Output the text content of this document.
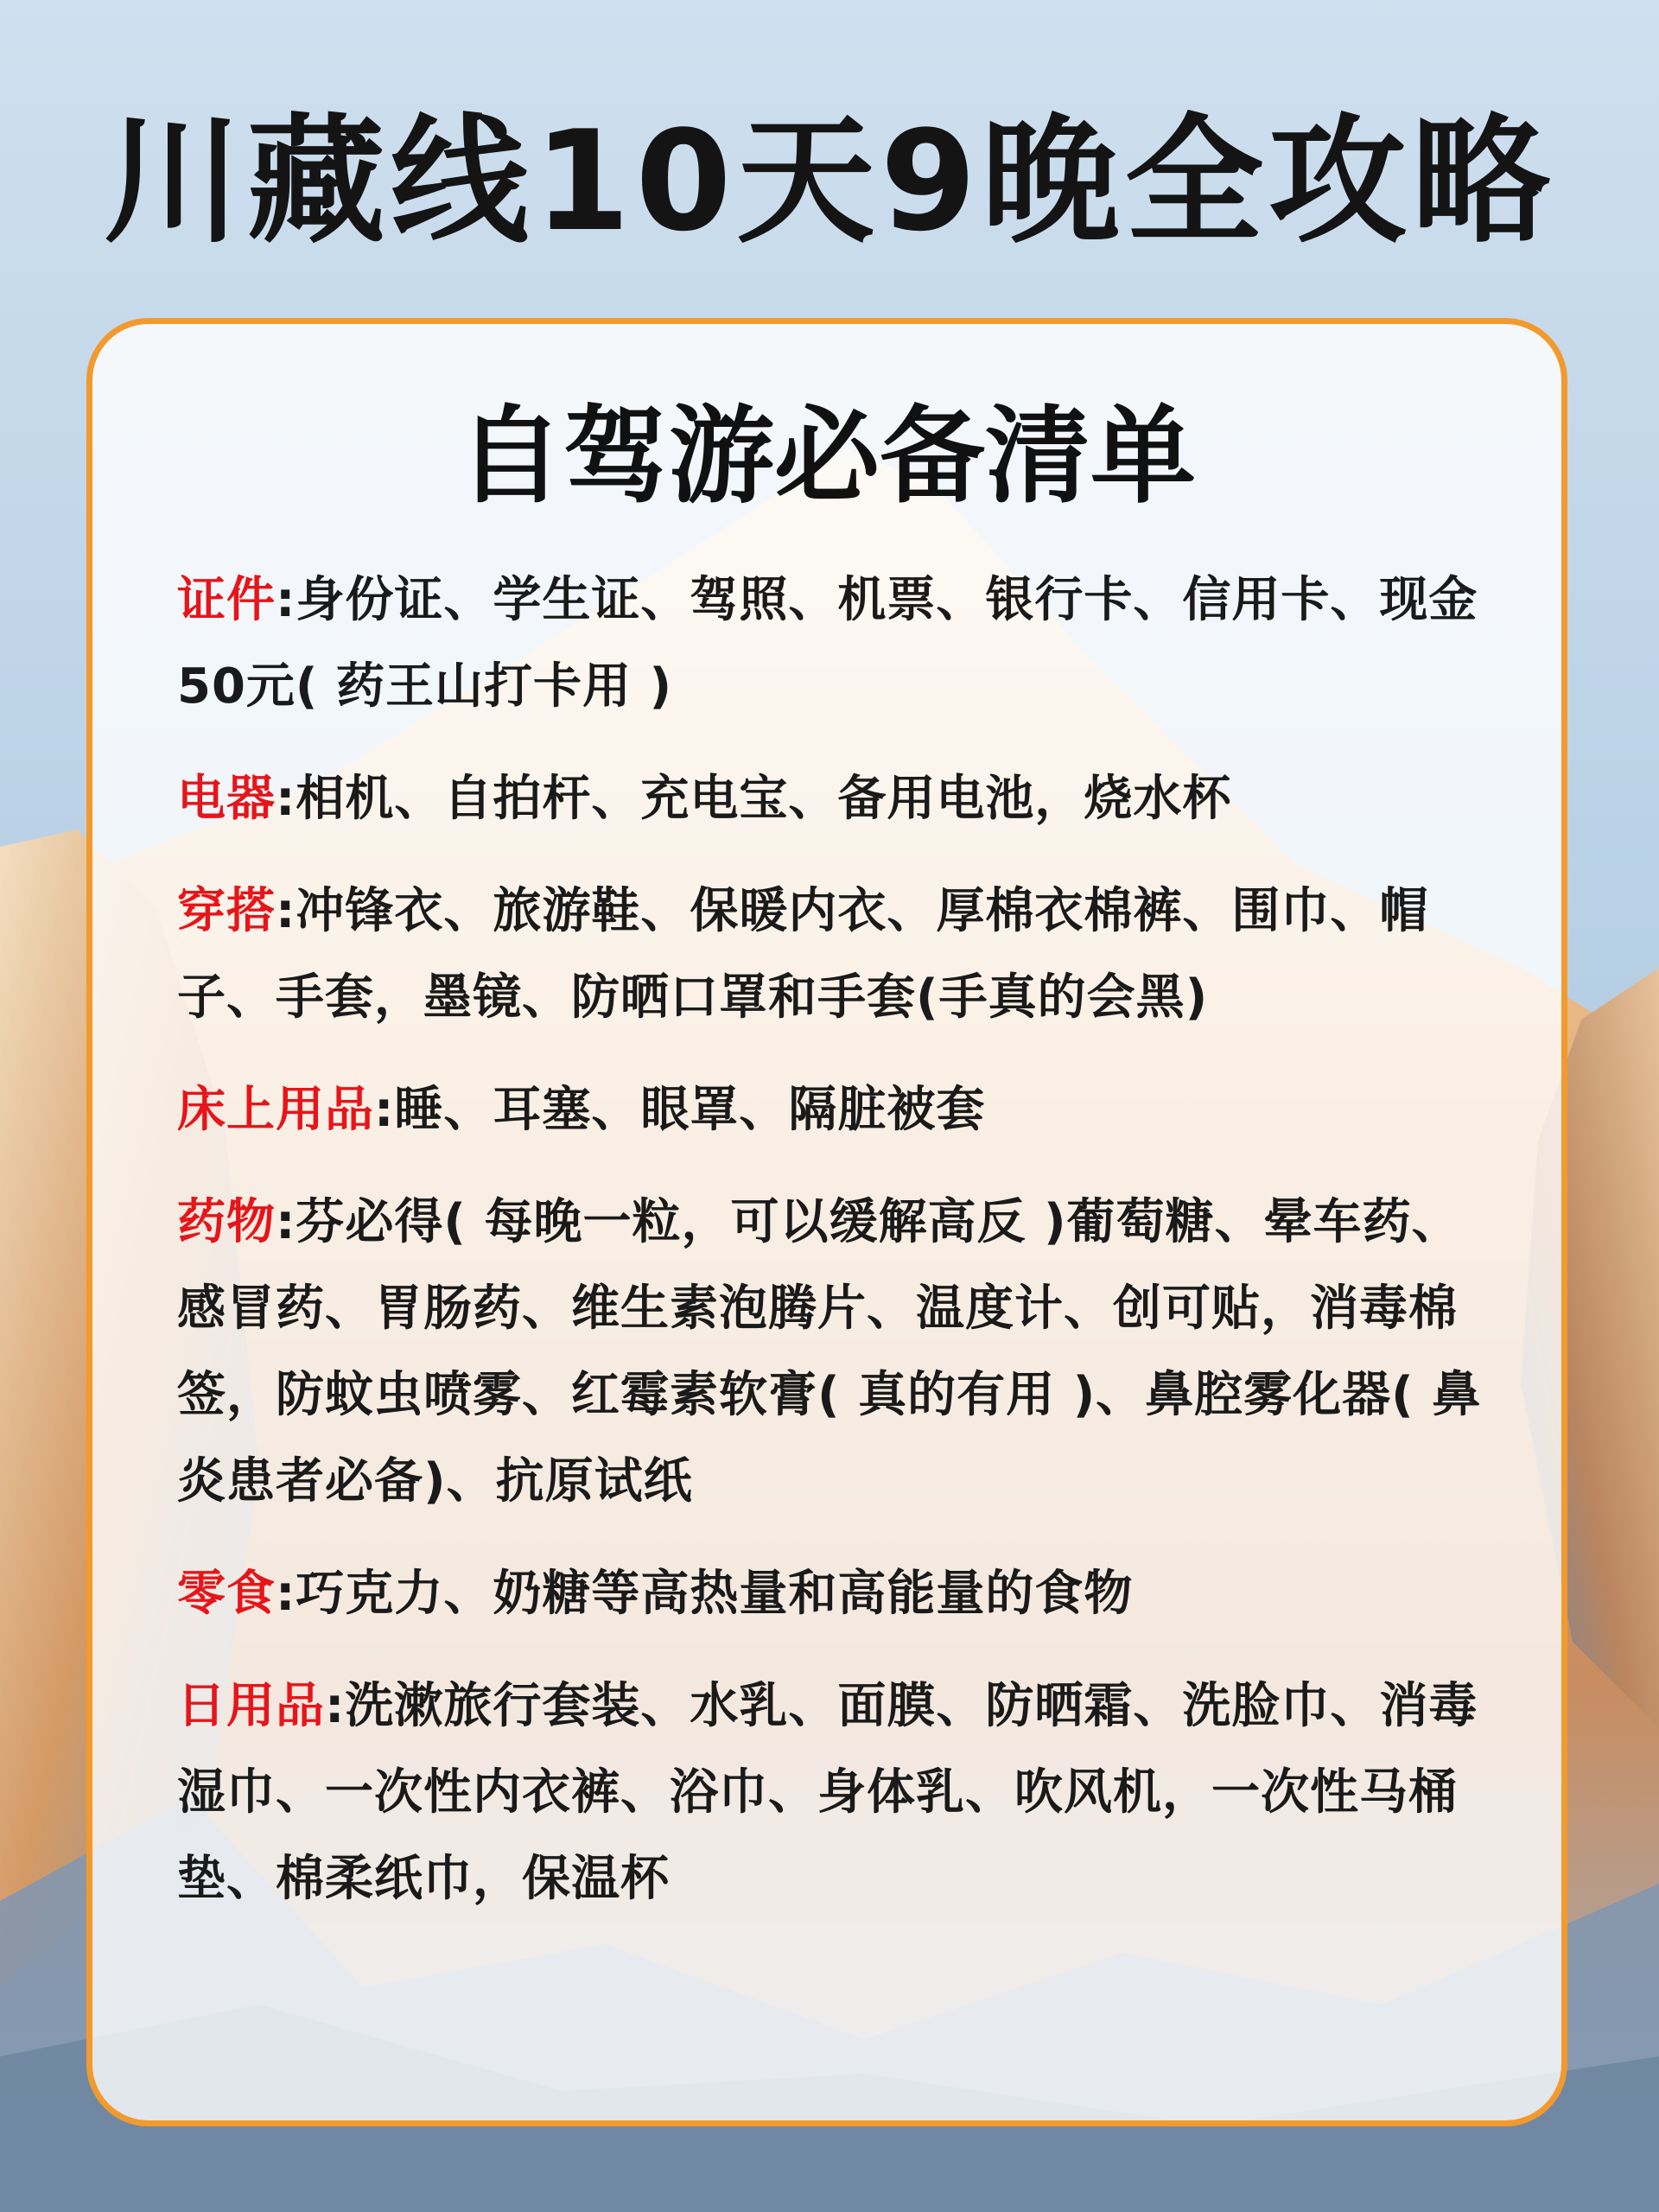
川藏线10天9晚全攻略
自驾游必备清单
证件:身份证、学生证、驾照、机票、银行卡、信用卡、现金50元( 药王山打卡用 )
电器:相机、自拍杆、充电宝、备用电池，烧水杯
穿搭:冲锋衣、旅游鞋、保暖内衣、厚棉衣棉裤、围巾、帽子、手套，墨镜、防晒口罩和手套(手真的会黑)
床上用品:睡、耳塞、眼罩、隔脏被套
药物:芬必得( 每晚一粒，可以缓解高反 )葡萄糖、晕车药、感冒药、胃肠药、维生素泡腾片、温度计、创可贴，消毒棉签，防蚊虫喷雾、红霉素软膏( 真的有用 )、鼻腔雾化器( 鼻炎患者必备)、抗原试纸
零食:巧克力、奶糖等高热量和高能量的食物
日用品:洗漱旅行套装、水乳、面膜、防晒霜、洗脸巾、消毒湿巾、一次性内衣裤、浴巾、身体乳、吹风机，一次性马桶垫、棉柔纸巾，保温杯
